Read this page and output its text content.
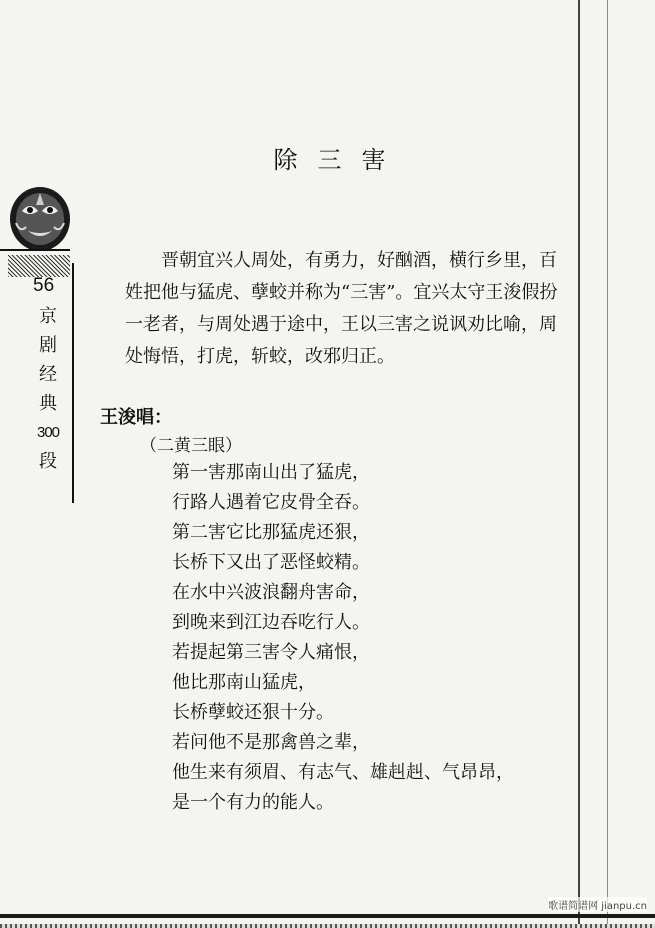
56
京
剧
经
典
300
段
除三害
晋朝宜兴人周处，有勇力，好酗酒，横行乡里，百姓把他与猛虎、孽蛟并称为“三害”。宜兴太守王浚假扮一老者，与周处遇于途中，王以三害之说讽劝比喻，周处悔悟，打虎，斩蛟，改邪归正。
王浚唱：
（二黄三眼）
第一害那南山出了猛虎，
行路人遇着它皮骨全吞。
第二害它比那猛虎还狠，
长桥下又出了恶怪蛟精。
在水中兴波浪翻舟害命，
到晚来到江边吞吃行人。
若提起第三害令人痛恨，
他比那南山猛虎，
长桥孽蛟还狠十分。
若问他不是那禽兽之辈，
他生来有须眉、有志气、雄赳赳、气昂昂，
是一个有力的能人。
歌谱简谱网 jianpu.cn
